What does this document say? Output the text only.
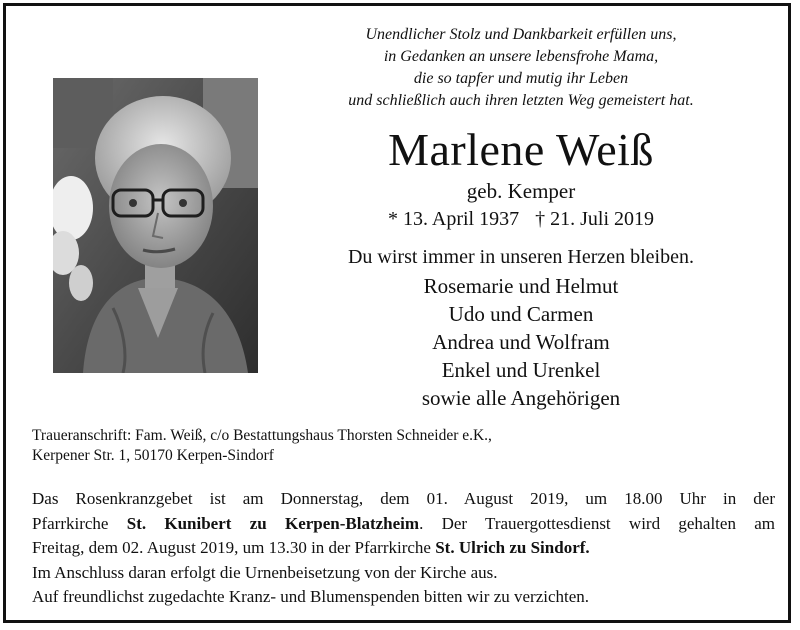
Unendlicher Stolz und Dankbarkeit erfüllen uns,
in Gedanken an unsere lebensfrohe Mama,
die so tapfer und mutig ihr Leben
und schließlich auch ihren letzten Weg gemeistert hat.
Marlene Weiß
geb. Kemper
* 13. April 1937 † 21. Juli 2019
Du wirst immer in unseren Herzen bleiben.
Rosemarie und Helmut
Udo und Carmen
Andrea und Wolfram
Enkel und Urenkel
sowie alle Angehörigen
Traueranschrift: Fam. Weiß, c/o Bestattungshaus Thorsten Schneider e.K.,
Kerpener Str. 1, 50170 Kerpen-Sindorf

Das Rosenkranzgebet ist am Donnerstag, dem 01. August 2019, um 18.00 Uhr in der

Pfarrkirche St. Kunibert zu Kerpen-Blatzheim. Der Trauergottesdienst wird gehalten am

Freitag, dem 02. August 2019, um 13.30 in der Pfarrkirche St. Ulrich zu Sindorf.

Im Anschluss daran erfolgt die Urnenbeisetzung von der Kirche aus.

Auf freundlichst zugedachte Kranz- und Blumenspenden bitten wir zu verzichten.
